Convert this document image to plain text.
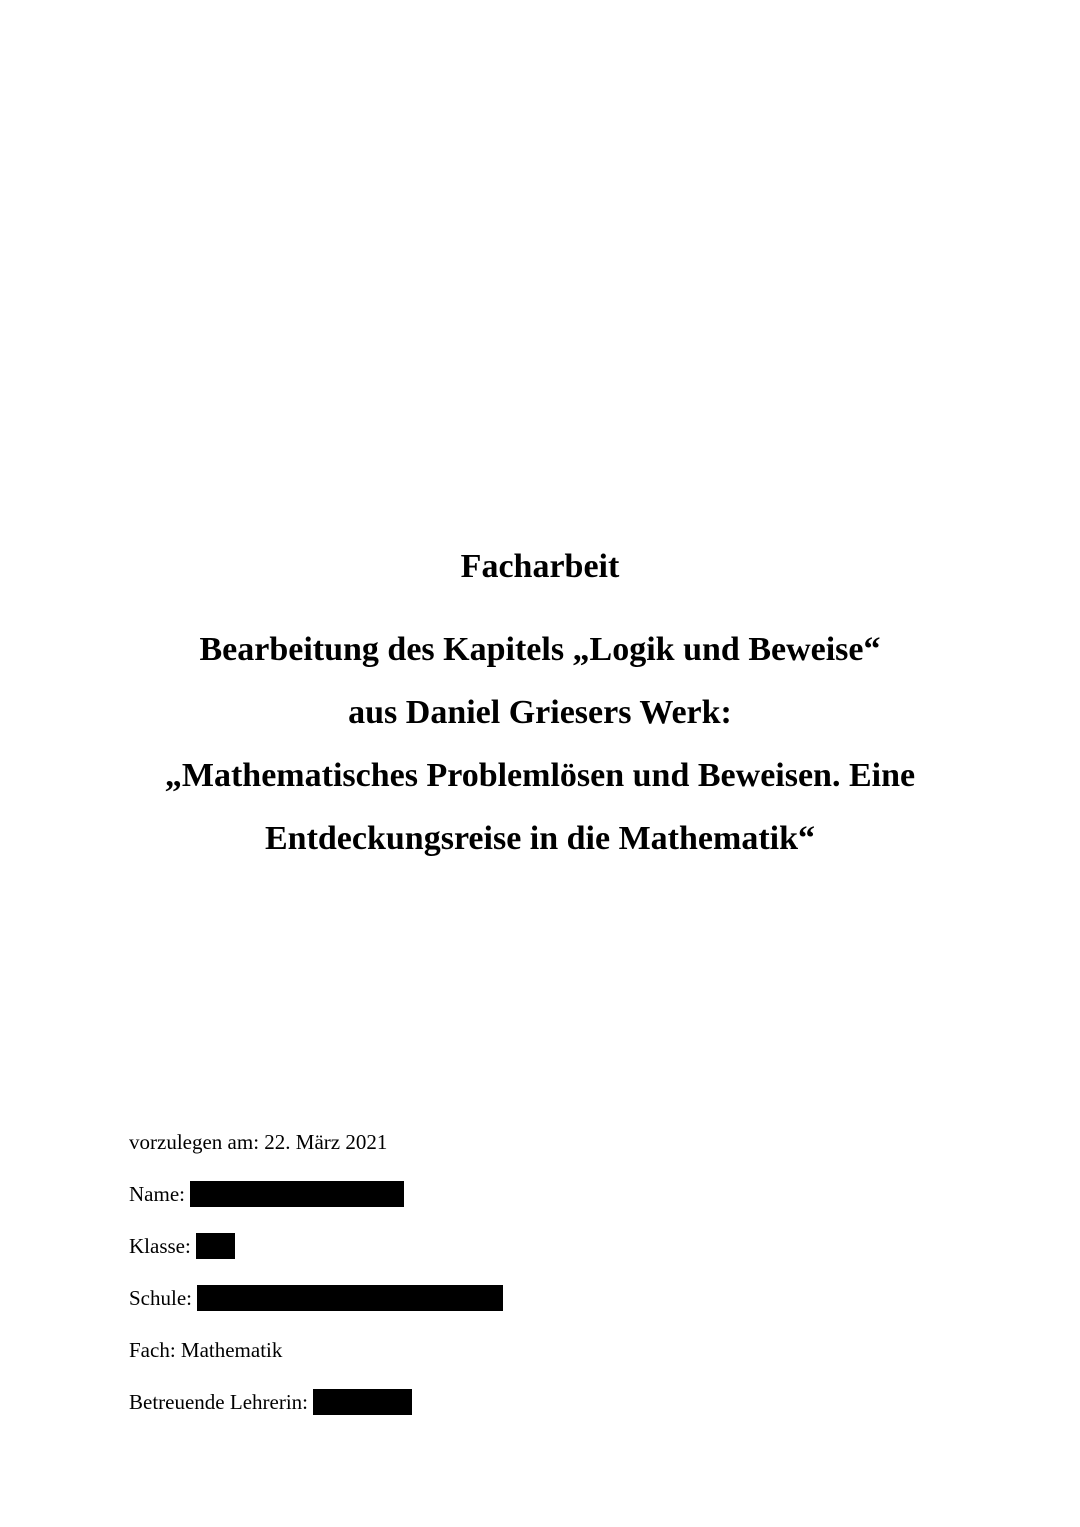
Facharbeit

Bearbeitung des Kapitels „Logik und Beweise“

aus Daniel Griesers Werk:

„Mathematisches Problemlösen und Beweisen. Eine

Entdeckungsreise in die Mathematik“

vorzulegen am: 22. März 2021
Name:
Klasse:
Schule:
Fach: Mathematik
Betreuende Lehrerin:
